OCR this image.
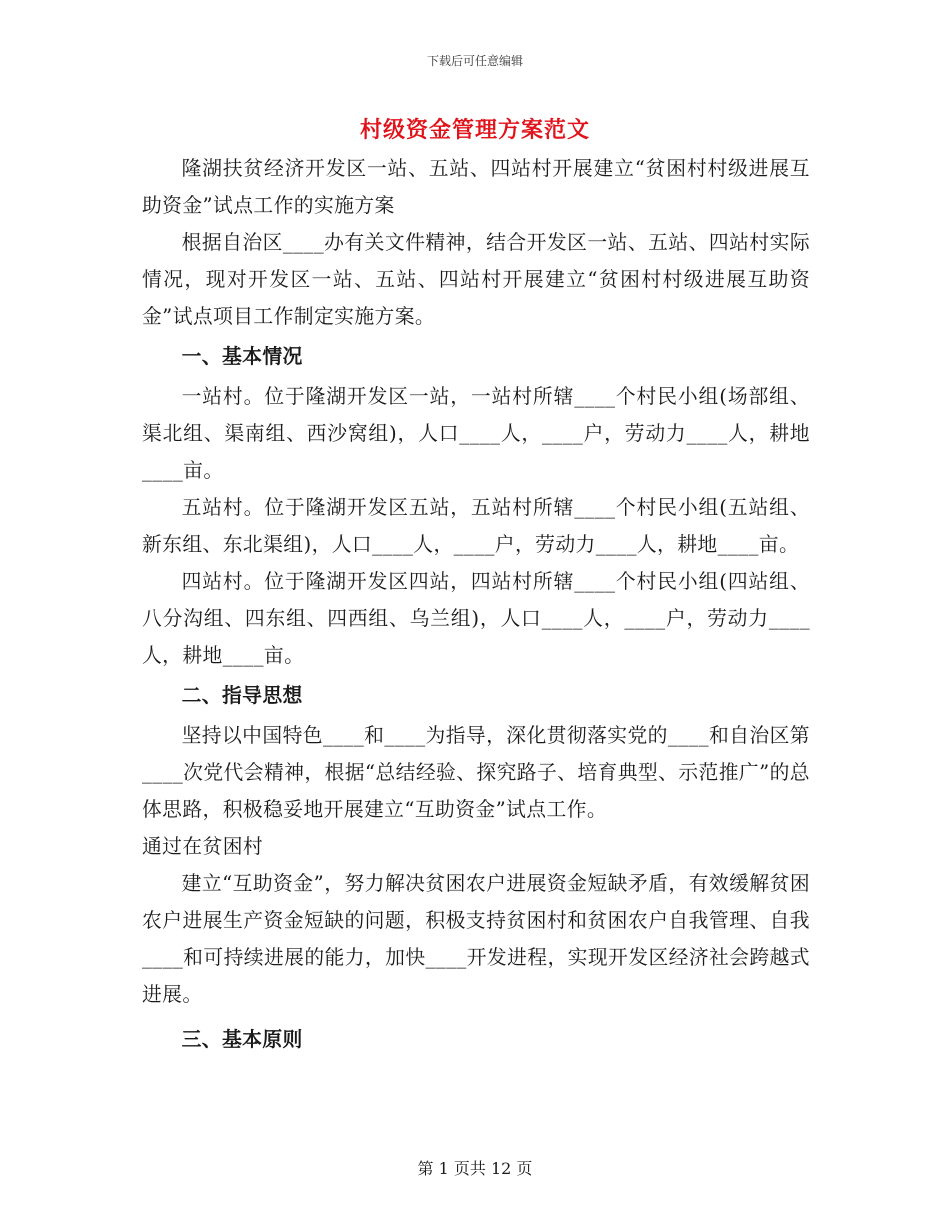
下载后可任意编辑
村级资金管理方案范文

隆湖扶贫经济开发区一站、五站、四站村开展建立“贫困村村级进展互助资金”试点工作的实施方案

根据自治区____办有关文件精神，结合开发区一站、五站、四站村实际情况，现对开发区一站、五站、四站村开展建立“贫困村村级进展互助资金”试点项目工作制定实施方案。

一、基本情况

一站村。位于隆湖开发区一站，一站村所辖____个村民小组(场部组、渠北组、渠南组、西沙窝组)，人口____人，____户，劳动力____人，耕地____亩。

五站村。位于隆湖开发区五站，五站村所辖____个村民小组(五站组、新东组、东北渠组)，人口____人，____户，劳动力____人，耕地____亩。

四站村。位于隆湖开发区四站，四站村所辖____个村民小组(四站组、八分沟组、四东组、四西组、乌兰组)，人口____人，____户，劳动力____人，耕地____亩。

二、指导思想

坚持以中国特色____和____为指导，深化贯彻落实党的____和自治区第____次党代会精神，根据“总结经验、探究路子、培育典型、示范推广”的总体思路，积极稳妥地开展建立“互助资金”试点工作。

通过在贫困村

建立“互助资金”，努力解决贫困农户进展资金短缺矛盾，有效缓解贫困农户进展生产资金短缺的问题，积极支持贫困村和贫困农户自我管理、自我____和可持续进展的能力，加快____开发进程，实现开发区经济社会跨越式进展。

三、基本原则

第 1 页共 12 页
